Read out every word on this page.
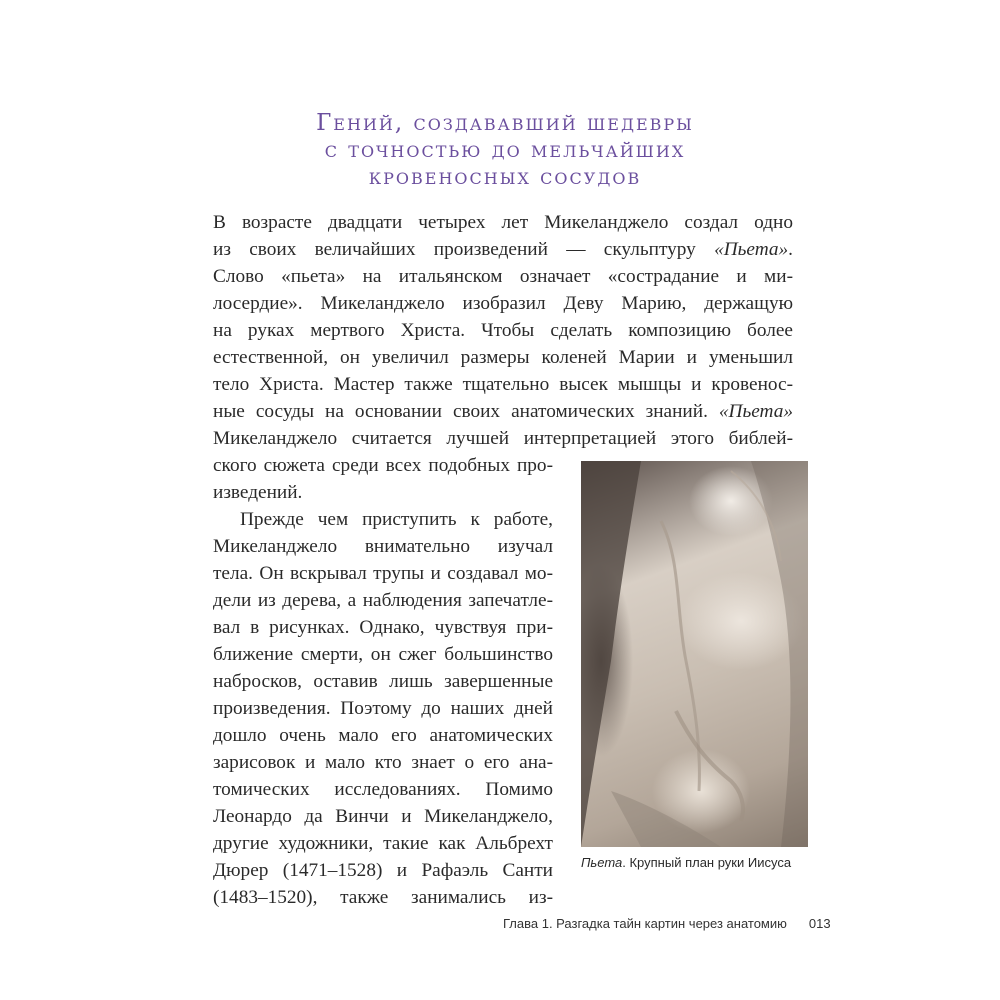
Гений, создававший шедевры
с точностью до мельчайших
кровеносных сосудов
В возрасте двадцати четырех лет Микеланджело создал одно
из своих величайших произведений — скульптуру «Пьета».
Слово «пьета» на итальянском означает «сострадание и ми-
лосердие». Микеланджело изобразил Деву Марию, держащую
на руках мертвого Христа. Чтобы сделать композицию более
естественной, он увеличил размеры коленей Марии и уменьшил
тело Христа. Мастер также тщательно высек мышцы и кровенос-
ные сосуды на основании своих анатомических знаний. «Пьета»
Микеланджело считается лучшей интерпретацией этого библей-
ского сюжета среди всех подобных про-
изведений.
Прежде чем приступить к работе,
Микеланджело внимательно изучал
тела. Он вскрывал трупы и создавал мо-
дели из дерева, а наблюдения запечатле-
вал в рисунках. Однако, чувствуя при-
ближение смерти, он сжег большинство
набросков, оставив лишь завершенные
произведения. Поэтому до наших дней
дошло очень мало его анатомических
зарисовок и мало кто знает о его ана-
томических исследованиях. Помимо
Леонардо да Винчи и Микеланджело,
другие художники, такие как Альбрехт
Дюрер (1471–1528) и Рафаэль Санти
(1483–1520), также занимались из-
Пьета. Крупный план руки Иисуса
Глава 1. Разгадка тайн картин через анатомию 013
